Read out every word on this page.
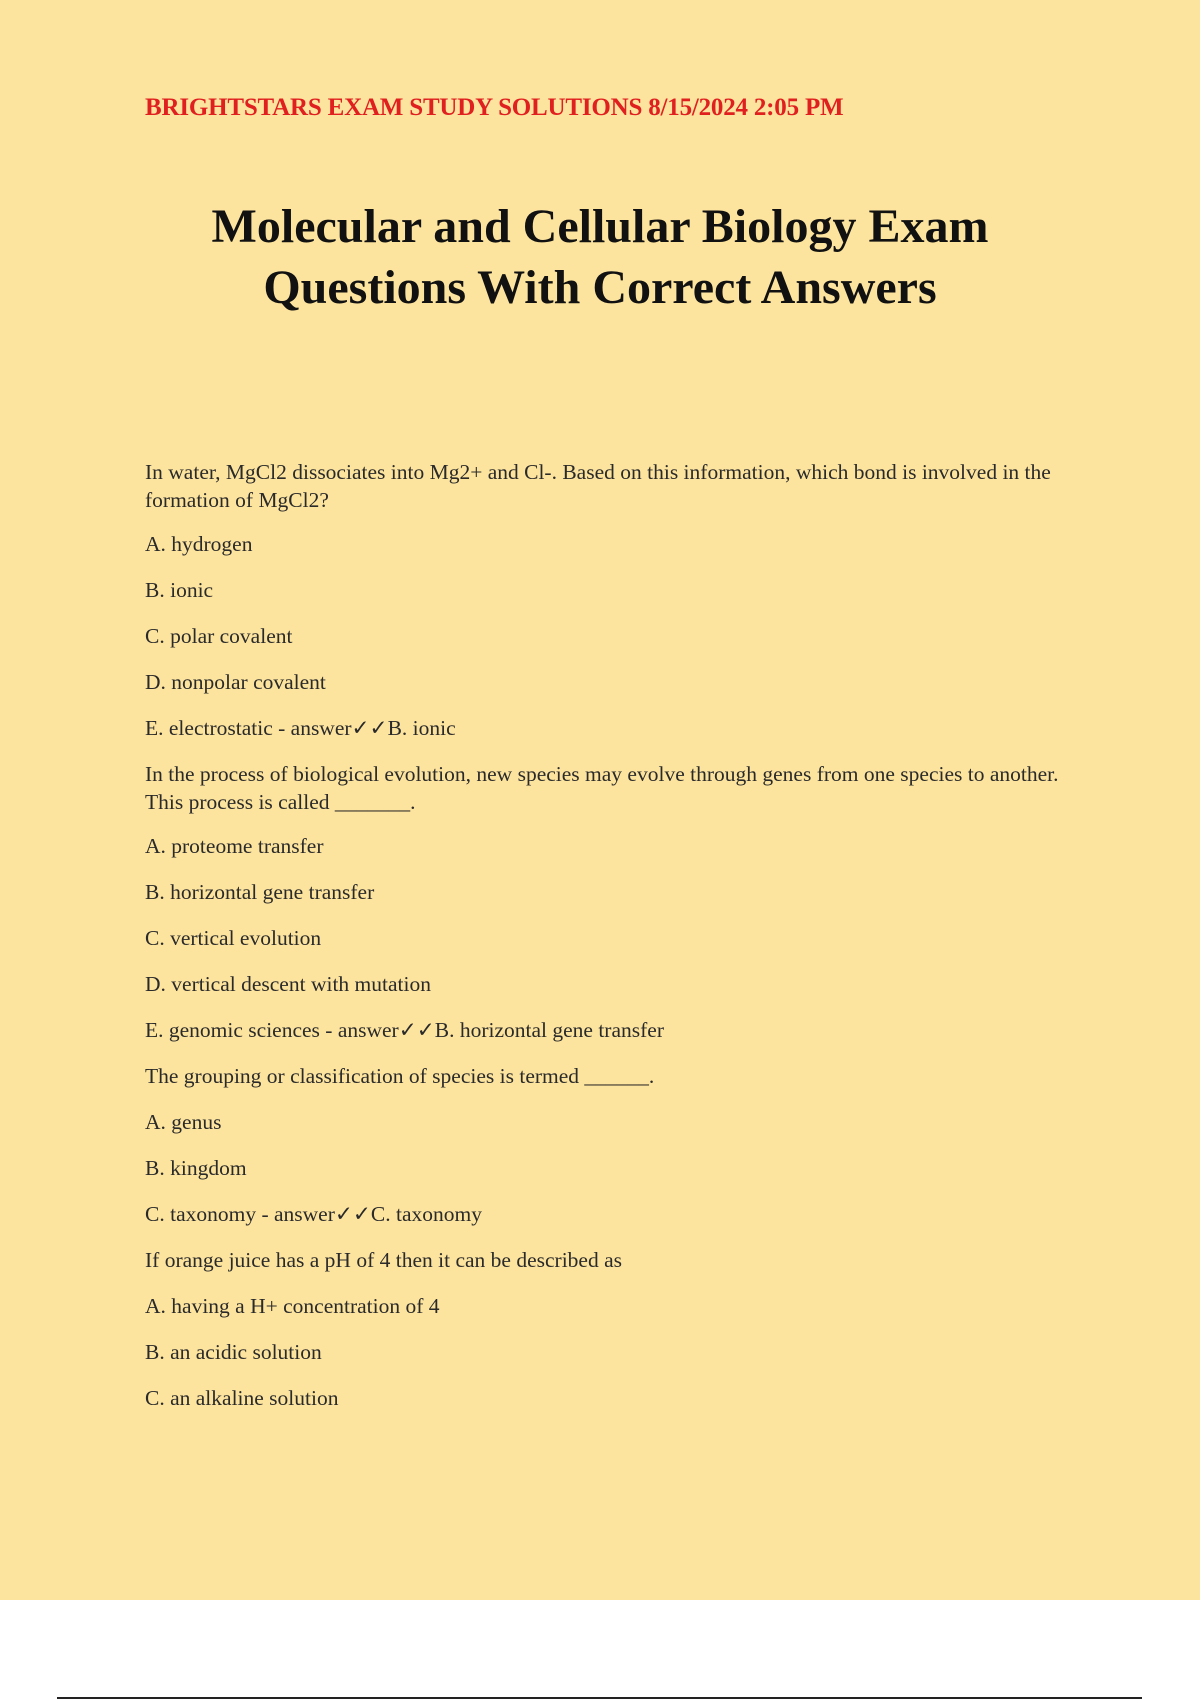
BRIGHTSTARS EXAM STUDY SOLUTIONS 8/15/2024 2:05 PM

Molecular and Cellular Biology Exam
Questions With Correct Answers

In water, MgCl2 dissociates into Mg2+ and Cl-. Based on this information, which bond is involved in the formation of MgCl2?

A. hydrogen

B. ionic

C. polar covalent

D. nonpolar covalent

E. electrostatic - answer✓✓B. ionic

In the process of biological evolution, new species may evolve through genes from one species to another. This process is called _______.

A. proteome transfer

B. horizontal gene transfer

C. vertical evolution

D. vertical descent with mutation

E. genomic sciences - answer✓✓B. horizontal gene transfer

The grouping or classification of species is termed ______.

A. genus

B. kingdom

C. taxonomy - answer✓✓C. taxonomy

If orange juice has a pH of 4 then it can be described as

A. having a H+ concentration of 4

B. an acidic solution

C. an alkaline solution
